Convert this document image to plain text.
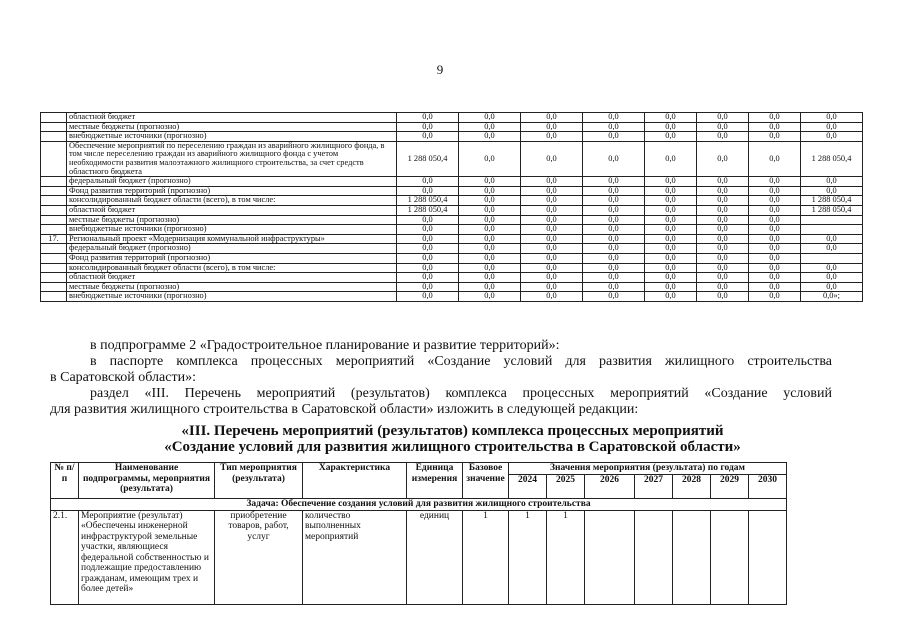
9
	областной бюджет	0,0	0,0	0,0	0,0	0,0	0,0	0,0	0,0
	местные бюджеты (прогнозно)	0,0	0,0	0,0	0,0	0,0	0,0	0,0	0,0
	внебюджетные источники (прогнозно)	0,0	0,0	0,0	0,0	0,0	0,0	0,0	0,0
	Обеспечение мероприятий по переселению граждан из аварийного жилищного фонда, в том числе переселению граждан из аварийного жилищного фонда с учетом необходимости развития малоэтажного жилищного строительства, за счет средств областного бюджета	1 288 050,4	0,0	0,0	0,0	0,0	0,0	0,0	1 288 050,4
	федеральный бюджет (прогнозно)	0,0	0,0	0,0	0,0	0,0	0,0	0,0	0,0
	Фонд развития территорий (прогнозно)	0,0	0,0	0,0	0,0	0,0	0,0	0,0	0,0
	консолидированный бюджет области (всего), в том числе:	1 288 050,4	0,0	0,0	0,0	0,0	0,0	0,0	1 288 050,4
	областной бюджет	1 288 050,4	0,0	0,0	0,0	0,0	0,0	0,0	1 288 050,4
	местные бюджеты (прогнозно)	0,0	0,0	0,0	0,0	0,0	0,0	0,0	
	внебюджетные источники (прогнозно)	0,0	0,0	0,0	0,0	0,0	0,0	0,0	
17.	Региональный проект «Модернизация коммунальной инфраструктуры»	0,0	0,0	0,0	0,0	0,0	0,0	0,0	0,0
	федеральный бюджет (прогнозно)	0,0	0,0	0,0	0,0	0,0	0,0	0,0	0,0
	Фонд развития территорий (прогнозно)	0,0	0,0	0,0	0,0	0,0	0,0	0,0	
	консолидированный бюджет области (всего), в том числе:	0,0	0,0	0,0	0,0	0,0	0,0	0,0	0,0
	областной бюджет	0,0	0,0	0,0	0,0	0,0	0,0	0,0	0,0
	местные бюджеты (прогнозно)	0,0	0,0	0,0	0,0	0,0	0,0	0,0	0,0
	внебюджетные источники (прогнозно)	0,0	0,0	0,0	0,0	0,0	0,0	0,0	0,0»;
в подпрограмме 2 «Градостроительное планирование и развитие территорий»:
в паспорте комплекса процессных мероприятий «Создание условий для развития жилищного строительства
в Саратовской области»:
раздел «III. Перечень мероприятий (результатов) комплекса процессных мероприятий «Создание условий
для развития жилищного строительства в Саратовской области» изложить в следующей редакции:
«III. Перечень мероприятий (результатов) комплекса процессных мероприятий
«Создание условий для развития жилищного строительства в Саратовской области»
№ п/п	Наименование подпрограммы, мероприятия (результата)	Тип мероприятия (результата)	Характеристика	Единица измерения	Базовое значение	Значения мероприятия (результата) по годам						
						2024	2025	2026	2027	2028	2029	2030
Задача: Обеспечение создания условий для развития жилищного строительства												
2.1.	Мероприятие (результат) «Обеспечены инженерной инфраструктурой земельные участки, являющиеся федеральной собственностью и подлежащие предоставлению гражданам, имеющим трех и более детей»	приобретение товаров, работ, услуг	количество выполненных мероприятий	единиц	1	1	1					
